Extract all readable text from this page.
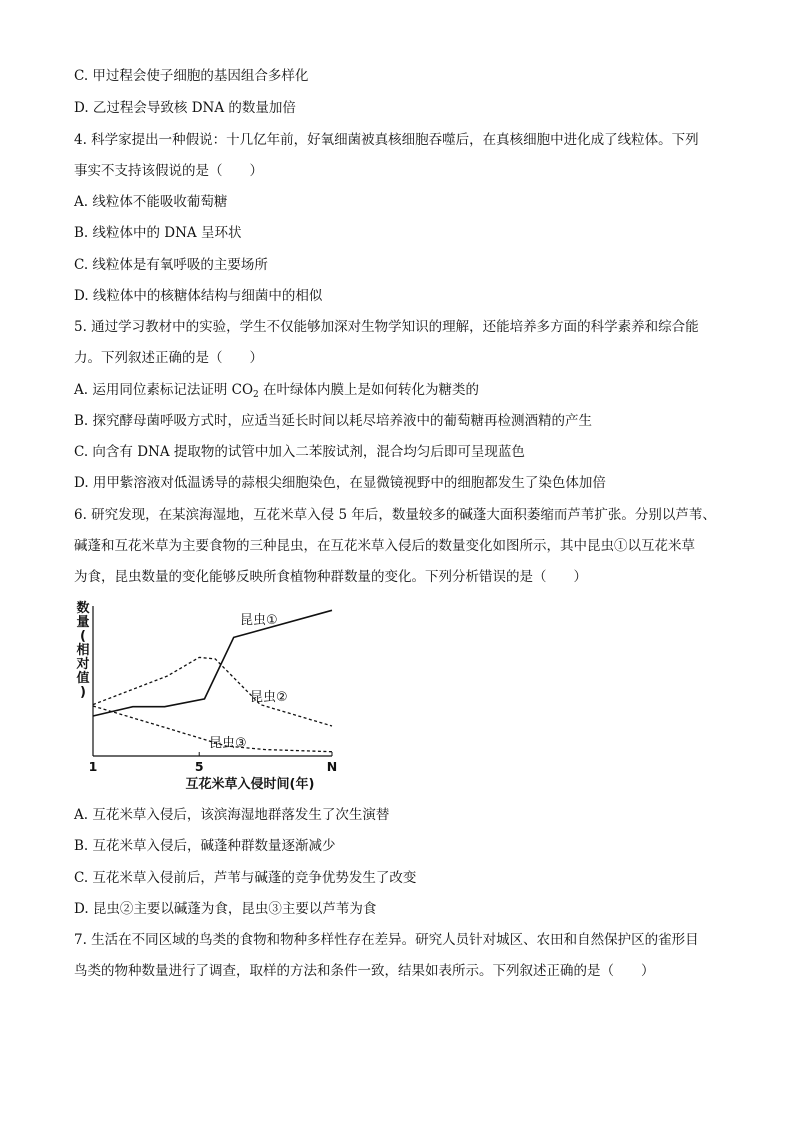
C. 甲过程会使子细胞的基因组合多样化
D. 乙过程会导致核 DNA 的数量加倍
4. 科学家提出一种假说：十几亿年前，好氧细菌被真核细胞吞噬后，在真核细胞中进化成了线粒体。下列
事实不支持该假说的是（　　）
A. 线粒体不能吸收葡萄糖
B. 线粒体中的 DNA 呈环状
C. 线粒体是有氧呼吸的主要场所
D. 线粒体中的核糖体结构与细菌中的相似
5. 通过学习教材中的实验，学生不仅能够加深对生物学知识的理解，还能培养多方面的科学素养和综合能
力。下列叙述正确的是（　　）
A. 运用同位素标记法证明 $CO_2$ 在叶绿体内膜上是如何转化为糖类的
B. 探究酵母菌呼吸方式时，应适当延长时间以耗尽培养液中的葡萄糖再检测酒精的产生
C. 向含有 DNA 提取物的试管中加入二苯胺试剂，混合均匀后即可呈现蓝色
D. 用甲紫溶液对低温诱导的蒜根尖细胞染色，在显微镜视野中的细胞都发生了染色体加倍
6. 研究发现，在某滨海湿地，互花米草入侵 5 年后，数量较多的碱蓬大面积萎缩而芦苇扩张。分别以芦苇、
碱蓬和互花米草为主要食物的三种昆虫，在互花米草入侵后的数量变化如图所示，其中昆虫①以互花米草
为食，昆虫数量的变化能够反映所食植物种群数量的变化。下列分析错误的是（　　）
数
量
(
相
对
值
)
昆虫①
昆虫②
昆虫③
1	5	N
互花米草入侵时间(年)
A. 互花米草入侵后，该滨海湿地群落发生了次生演替
B. 互花米草入侵后，碱蓬种群数量逐渐减少
C. 互花米草入侵前后，芦苇与碱蓬的竞争优势发生了改变
D. 昆虫②主要以碱蓬为食，昆虫③主要以芦苇为食
7. 生活在不同区域的鸟类的食物和物种多样性存在差异。研究人员针对城区、农田和自然保护区的雀形目
鸟类的物种数量进行了调查，取样的方法和条件一致，结果如表所示。下列叙述正确的是（　　）
